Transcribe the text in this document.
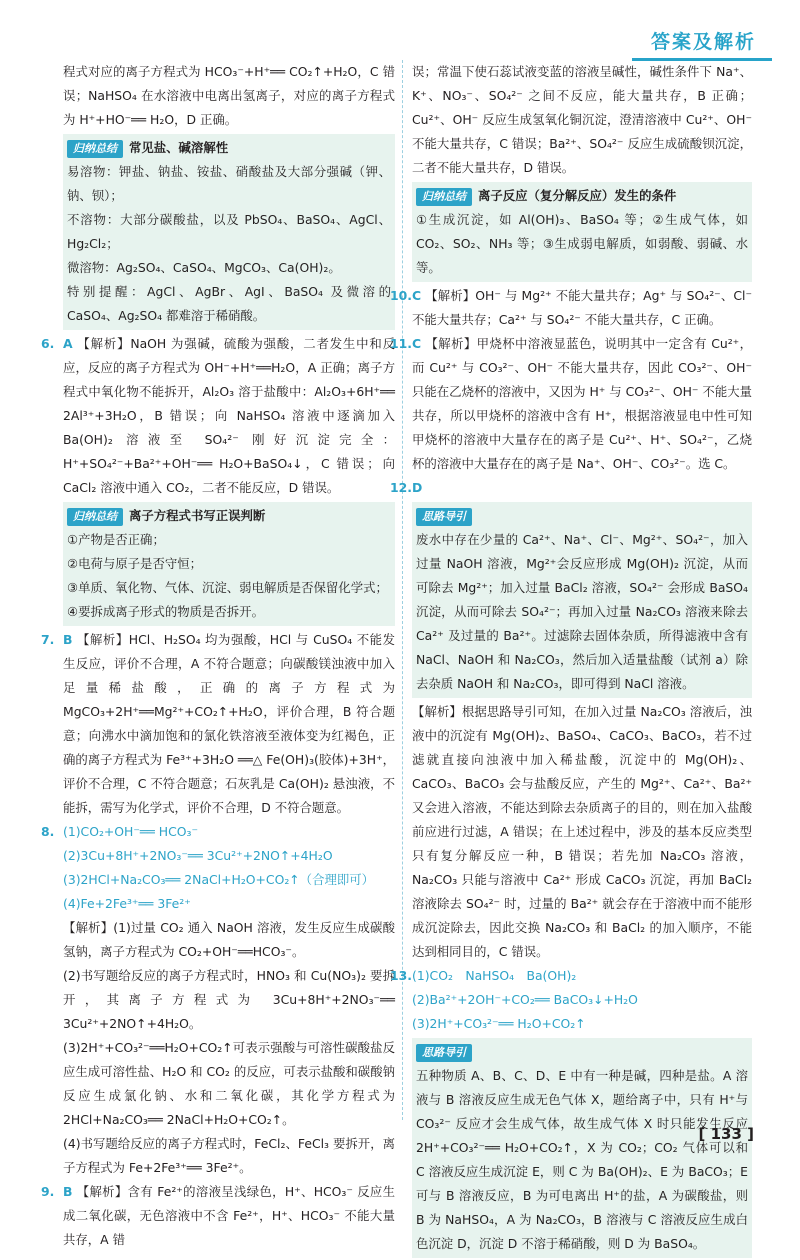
答案及解析

程式对应的离子方程式为 HCO₃⁻+H⁺══ CO₂↑+H₂O，C 错误；NaHSO₄ 在水溶液中电离出氢离子，对应的离子方程式为 H⁺+HO⁻══ H₂O，D 正确。

归纳总结 常见盐、碱溶解性

易溶物：钾盐、钠盐、铵盐、硝酸盐及大部分强碱（钾、钠、钡）；

不溶物：大部分碳酸盐，以及 PbSO₄、BaSO₄、AgCl、Hg₂Cl₂；

微溶物：Ag₂SO₄、CaSO₄、MgCO₃、Ca(OH)₂。

特别提醒：AgCl、AgBr、AgI、BaSO₄ 及微溶的 CaSO₄、Ag₂SO₄ 都难溶于稀硝酸。

6. A 【解析】NaOH 为强碱，硫酸为强酸，二者发生中和反应，反应的离子方程式为 OH⁻+H⁺══H₂O，A 正确；离子方程式中氧化物不能拆开，Al₂O₃ 溶于盐酸中：Al₂O₃+6H⁺══ 2Al³⁺+3H₂O，B 错误；向 NaHSO₄ 溶液中逐滴加入 Ba(OH)₂ 溶液至 SO₄²⁻ 刚好沉淀完全：H⁺+SO₄²⁻+Ba²⁺+OH⁻══ H₂O+BaSO₄↓，C 错误；向 CaCl₂ 溶液中通入 CO₂，二者不能反应，D 错误。

归纳总结 离子方程式书写正误判断

①产物是否正确；

②电荷与原子是否守恒；

③单质、氧化物、气体、沉淀、弱电解质是否保留化学式；

④要拆成离子形式的物质是否拆开。

7. B 【解析】HCl、H₂SO₄ 均为强酸，HCl 与 CuSO₄ 不能发生反应，评价不合理，A 不符合题意；向碳酸镁浊液中加入足量稀盐酸，正确的离子方程式为 MgCO₃+2H⁺══Mg²⁺+CO₂↑+H₂O，评价合理，B 符合题意；向沸水中滴加饱和的氯化铁溶液至液体变为红褐色，正确的离子方程式为 Fe³⁺+3H₂O ══△ Fe(OH)₃(胶体)+3H⁺，评价不合理，C 不符合题意；石灰乳是 Ca(OH)₂ 悬浊液，不能拆，需写为化学式，评价不合理，D 不符合题意。

8. (1)CO₂+OH⁻══ HCO₃⁻

(2)3Cu+8H⁺+2NO₃⁻══ 3Cu²⁺+2NO↑+4H₂O

(3)2HCl+Na₂CO₃══ 2NaCl+H₂O+CO₂↑（合理即可）

(4)Fe+2Fe³⁺══ 3Fe²⁺

【解析】(1)过量 CO₂ 通入 NaOH 溶液，发生反应生成碳酸氢钠，离子方程式为 CO₂+OH⁻══HCO₃⁻。

(2)书写题给反应的离子方程式时，HNO₃ 和 Cu(NO₃)₂ 要拆开，其离子方程式为 3Cu+8H⁺+2NO₃⁻══ 3Cu²⁺+2NO↑+4H₂O。

(3)2H⁺+CO₃²⁻══H₂O+CO₂↑可表示强酸与可溶性碳酸盐反应生成可溶性盐、H₂O 和 CO₂ 的反应，可表示盐酸和碳酸钠反应生成氯化钠、水和二氧化碳，其化学方程式为 2HCl+Na₂CO₃══ 2NaCl+H₂O+CO₂↑。

(4)书写题给反应的离子方程式时，FeCl₂、FeCl₃ 要拆开，离子方程式为 Fe+2Fe³⁺══ 3Fe²⁺。

9. B 【解析】含有 Fe²⁺的溶液呈浅绿色，H⁺、HCO₃⁻ 反应生成二氧化碳，无色溶液中不含 Fe²⁺，H⁺、HCO₃⁻ 不能大量共存，A 错

误；常温下使石蕊试液变蓝的溶液呈碱性，碱性条件下 Na⁺、K⁺、NO₃⁻、SO₄²⁻ 之间不反应，能大量共存，B 正确；Cu²⁺、OH⁻ 反应生成氢氧化铜沉淀，澄清溶液中 Cu²⁺、OH⁻ 不能大量共存，C 错误；Ba²⁺、SO₄²⁻ 反应生成硫酸钡沉淀，二者不能大量共存，D 错误。

归纳总结 离子反应（复分解反应）发生的条件

①生成沉淀，如 Al(OH)₃、BaSO₄ 等；②生成气体，如 CO₂、SO₂、NH₃ 等；③生成弱电解质，如弱酸、弱碱、水等。

10.C 【解析】OH⁻ 与 Mg²⁺ 不能大量共存；Ag⁺ 与 SO₄²⁻、Cl⁻ 不能大量共存；Ca²⁺ 与 SO₄²⁻ 不能大量共存，C 正确。

11.C 【解析】甲烧杯中溶液显蓝色，说明其中一定含有 Cu²⁺，而 Cu²⁺ 与 CO₃²⁻、OH⁻ 不能大量共存，因此 CO₃²⁻、OH⁻ 只能在乙烧杯的溶液中，又因为 H⁺ 与 CO₃²⁻、OH⁻ 不能大量共存，所以甲烧杯的溶液中含有 H⁺，根据溶液显电中性可知甲烧杯的溶液中大量存在的离子是 Cu²⁺、H⁺、SO₄²⁻，乙烧杯的溶液中大量存在的离子是 Na⁺、OH⁻、CO₃²⁻。选 C。

12.D

思路导引

废水中存在少量的 Ca²⁺、Na⁺、Cl⁻、Mg²⁺、SO₄²⁻，加入过量 NaOH 溶液，Mg²⁺会反应形成 Mg(OH)₂ 沉淀，从而可除去 Mg²⁺；加入过量 BaCl₂ 溶液，SO₄²⁻ 会形成 BaSO₄ 沉淀，从而可除去 SO₄²⁻；再加入过量 Na₂CO₃ 溶液来除去 Ca²⁺ 及过量的 Ba²⁺。过滤除去固体杂质，所得滤液中含有 NaCl、NaOH 和 Na₂CO₃，然后加入适量盐酸（试剂 a）除去杂质 NaOH 和 Na₂CO₃，即可得到 NaCl 溶液。

【解析】根据思路导引可知，在加入过量 Na₂CO₃ 溶液后，浊液中的沉淀有 Mg(OH)₂、BaSO₄、CaCO₃、BaCO₃，若不过滤就直接向浊液中加入稀盐酸，沉淀中的 Mg(OH)₂、CaCO₃、BaCO₃ 会与盐酸反应，产生的 Mg²⁺、Ca²⁺、Ba²⁺ 又会进入溶液，不能达到除去杂质离子的目的，则在加入盐酸前应进行过滤，A 错误；在上述过程中，涉及的基本反应类型只有复分解反应一种，B 错误；若先加 Na₂CO₃ 溶液，Na₂CO₃ 只能与溶液中 Ca²⁺ 形成 CaCO₃ 沉淀，再加 BaCl₂ 溶液除去 SO₄²⁻ 时，过量的 Ba²⁺ 就会存在于溶液中而不能形成沉淀除去，因此交换 Na₂CO₃ 和 BaCl₂ 的加入顺序，不能达到相同目的，C 错误。

13.(1)CO₂　NaHSO₄　Ba(OH)₂

(2)Ba²⁺+2OH⁻+CO₂══ BaCO₃↓+H₂O

(3)2H⁺+CO₃²⁻══ H₂O+CO₂↑

思路导引

五种物质 A、B、C、D、E 中有一种是碱，四种是盐。A 溶液与 B 溶液反应生成无色气体 X，题给离子中，只有 H⁺与 CO₃²⁻ 反应才会生成气体，故生成气体 X 时只能发生反应 2H⁺+CO₃²⁻══ H₂O+CO₂↑，X 为 CO₂；CO₂ 气体可以和 C 溶液反应生成沉淀 E，则 C 为 Ba(OH)₂、E 为 BaCO₃；E 可与 B 溶液反应，B 为可电离出 H⁺的盐，A 为碳酸盐，则 B 为 NaHSO₄，A 为 Na₂CO₃，B 溶液与 C 溶液反应生成白色沉淀 D，沉淀 D 不溶于稀硝酸，则 D 为 BaSO₄。

[ 133 ]
